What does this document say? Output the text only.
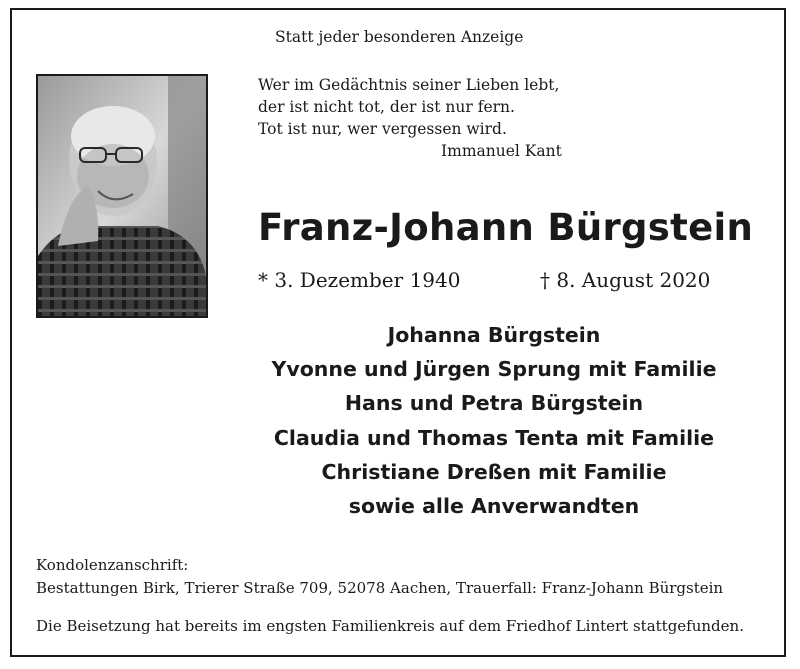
Statt jeder besonderen Anzeige
Wer im Gedächtnis seiner Lieben lebt,
der ist nicht tot, der ist nur fern.
Tot ist nur, wer vergessen wird.
Immanuel Kant
Franz-Johann Bürgstein
* 3. Dezember 1940	† 8. August 2020
Johanna Bürgstein
Yvonne und Jürgen Sprung mit Familie
Hans und Petra Bürgstein
Claudia und Thomas Tenta mit Familie
Christiane Dreßen mit Familie
sowie alle Anverwandten
Kondolenzanschrift:
Bestattungen Birk, Trierer Straße 709, 52078 Aachen, Trauerfall: Franz-Johann Bürgstein
Die Beisetzung hat bereits im engsten Familienkreis auf dem Friedhof Lintert stattgefunden.
